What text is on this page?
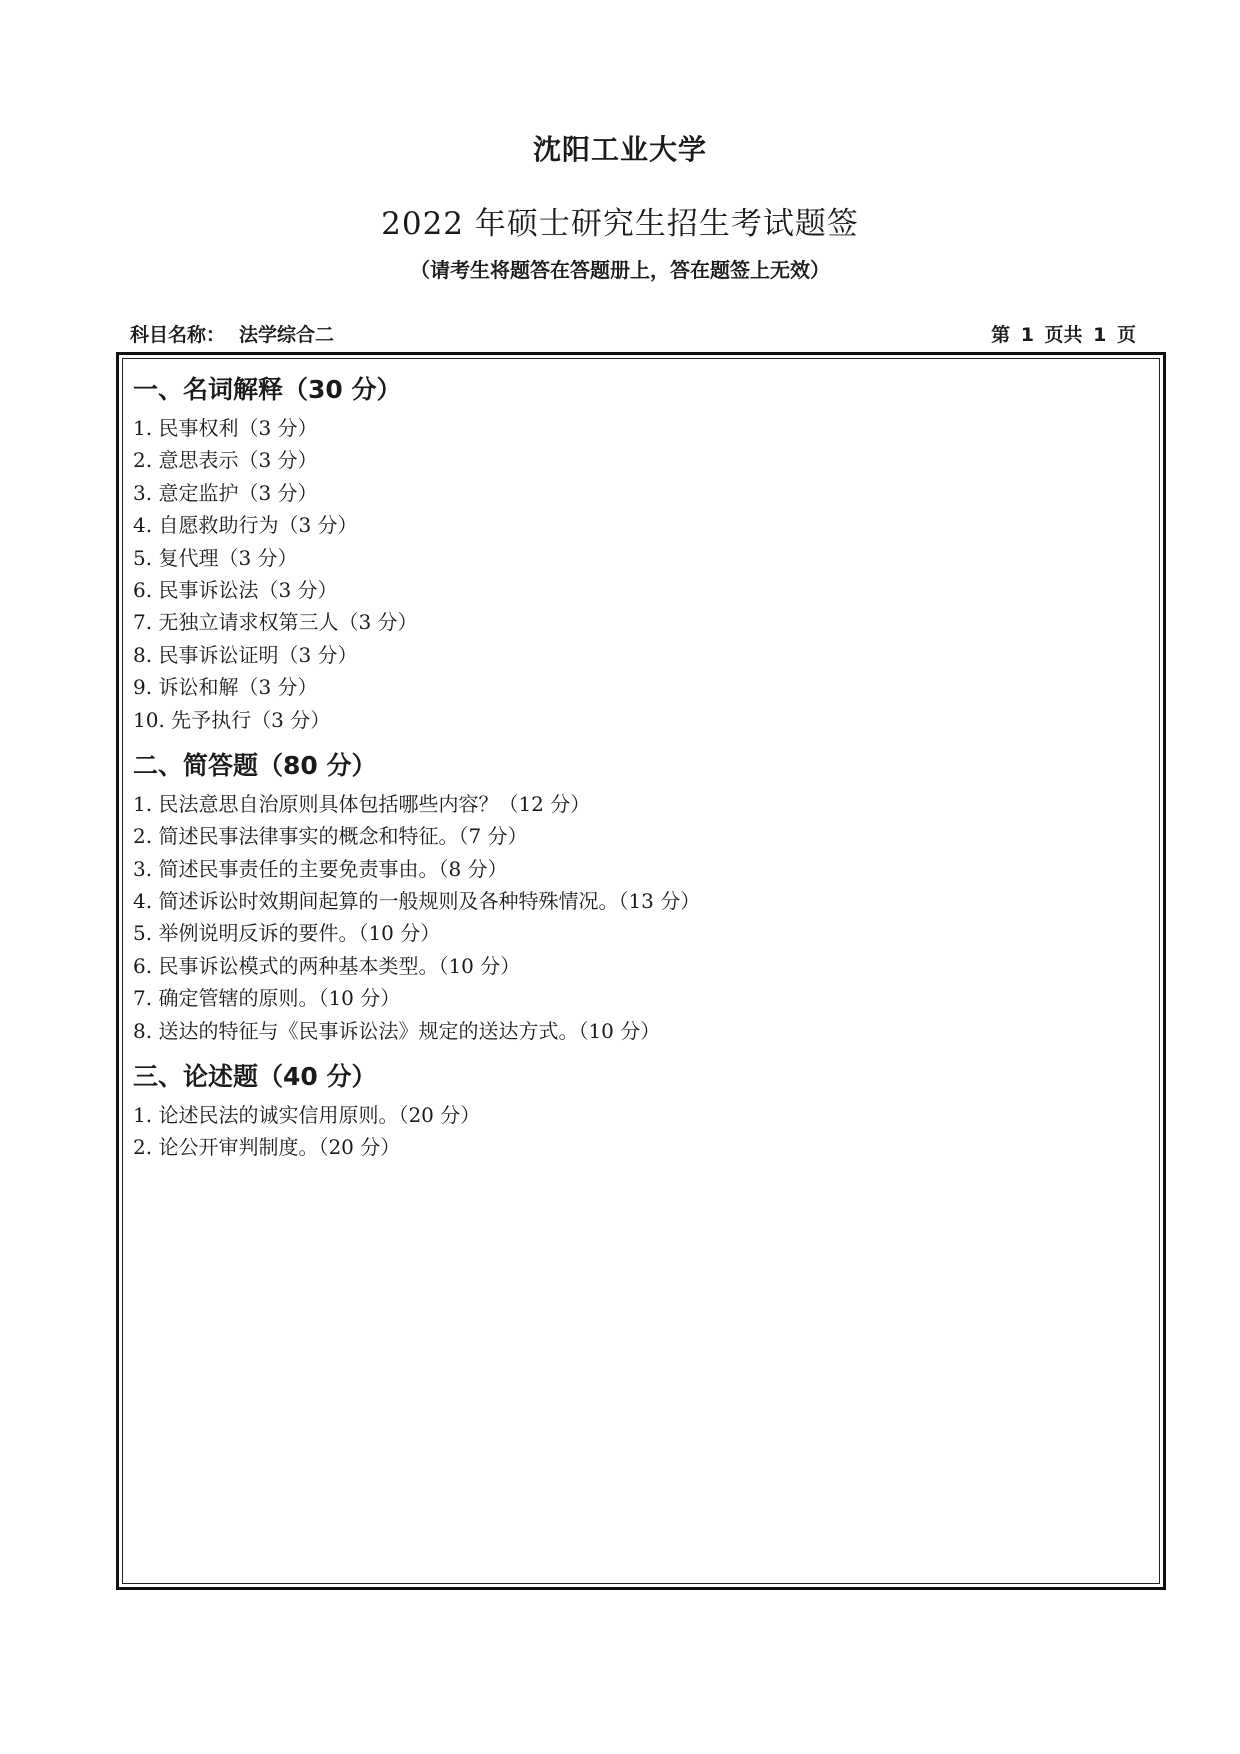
沈阳工业大学
2022 年硕士研究生招生考试题签
（请考生将题答在答题册上，答在题签上无效）
科目名称： 法学综合二	第 1 页共 1 页
一、名词解释（30 分）
1. 民事权利（3 分）
2. 意思表示（3 分）
3. 意定监护（3 分）
4. 自愿救助行为（3 分）
5. 复代理（3 分）
6. 民事诉讼法（3 分）
7. 无独立请求权第三人（3 分）
8. 民事诉讼证明（3 分）
9. 诉讼和解（3 分）
10. 先予执行（3 分）
二、简答题（80 分）
1. 民法意思自治原则具体包括哪些内容？（12 分）
2. 简述民事法律事实的概念和特征。（7 分）
3. 简述民事责任的主要免责事由。（8 分）
4. 简述诉讼时效期间起算的一般规则及各种特殊情况。（13 分）
5. 举例说明反诉的要件。（10 分）
6. 民事诉讼模式的两种基本类型。（10 分）
7. 确定管辖的原则。（10 分）
8. 送达的特征与《民事诉讼法》规定的送达方式。（10 分）
三、论述题（40 分）
1. 论述民法的诚实信用原则。（20 分）
2. 论公开审判制度。（20 分）
